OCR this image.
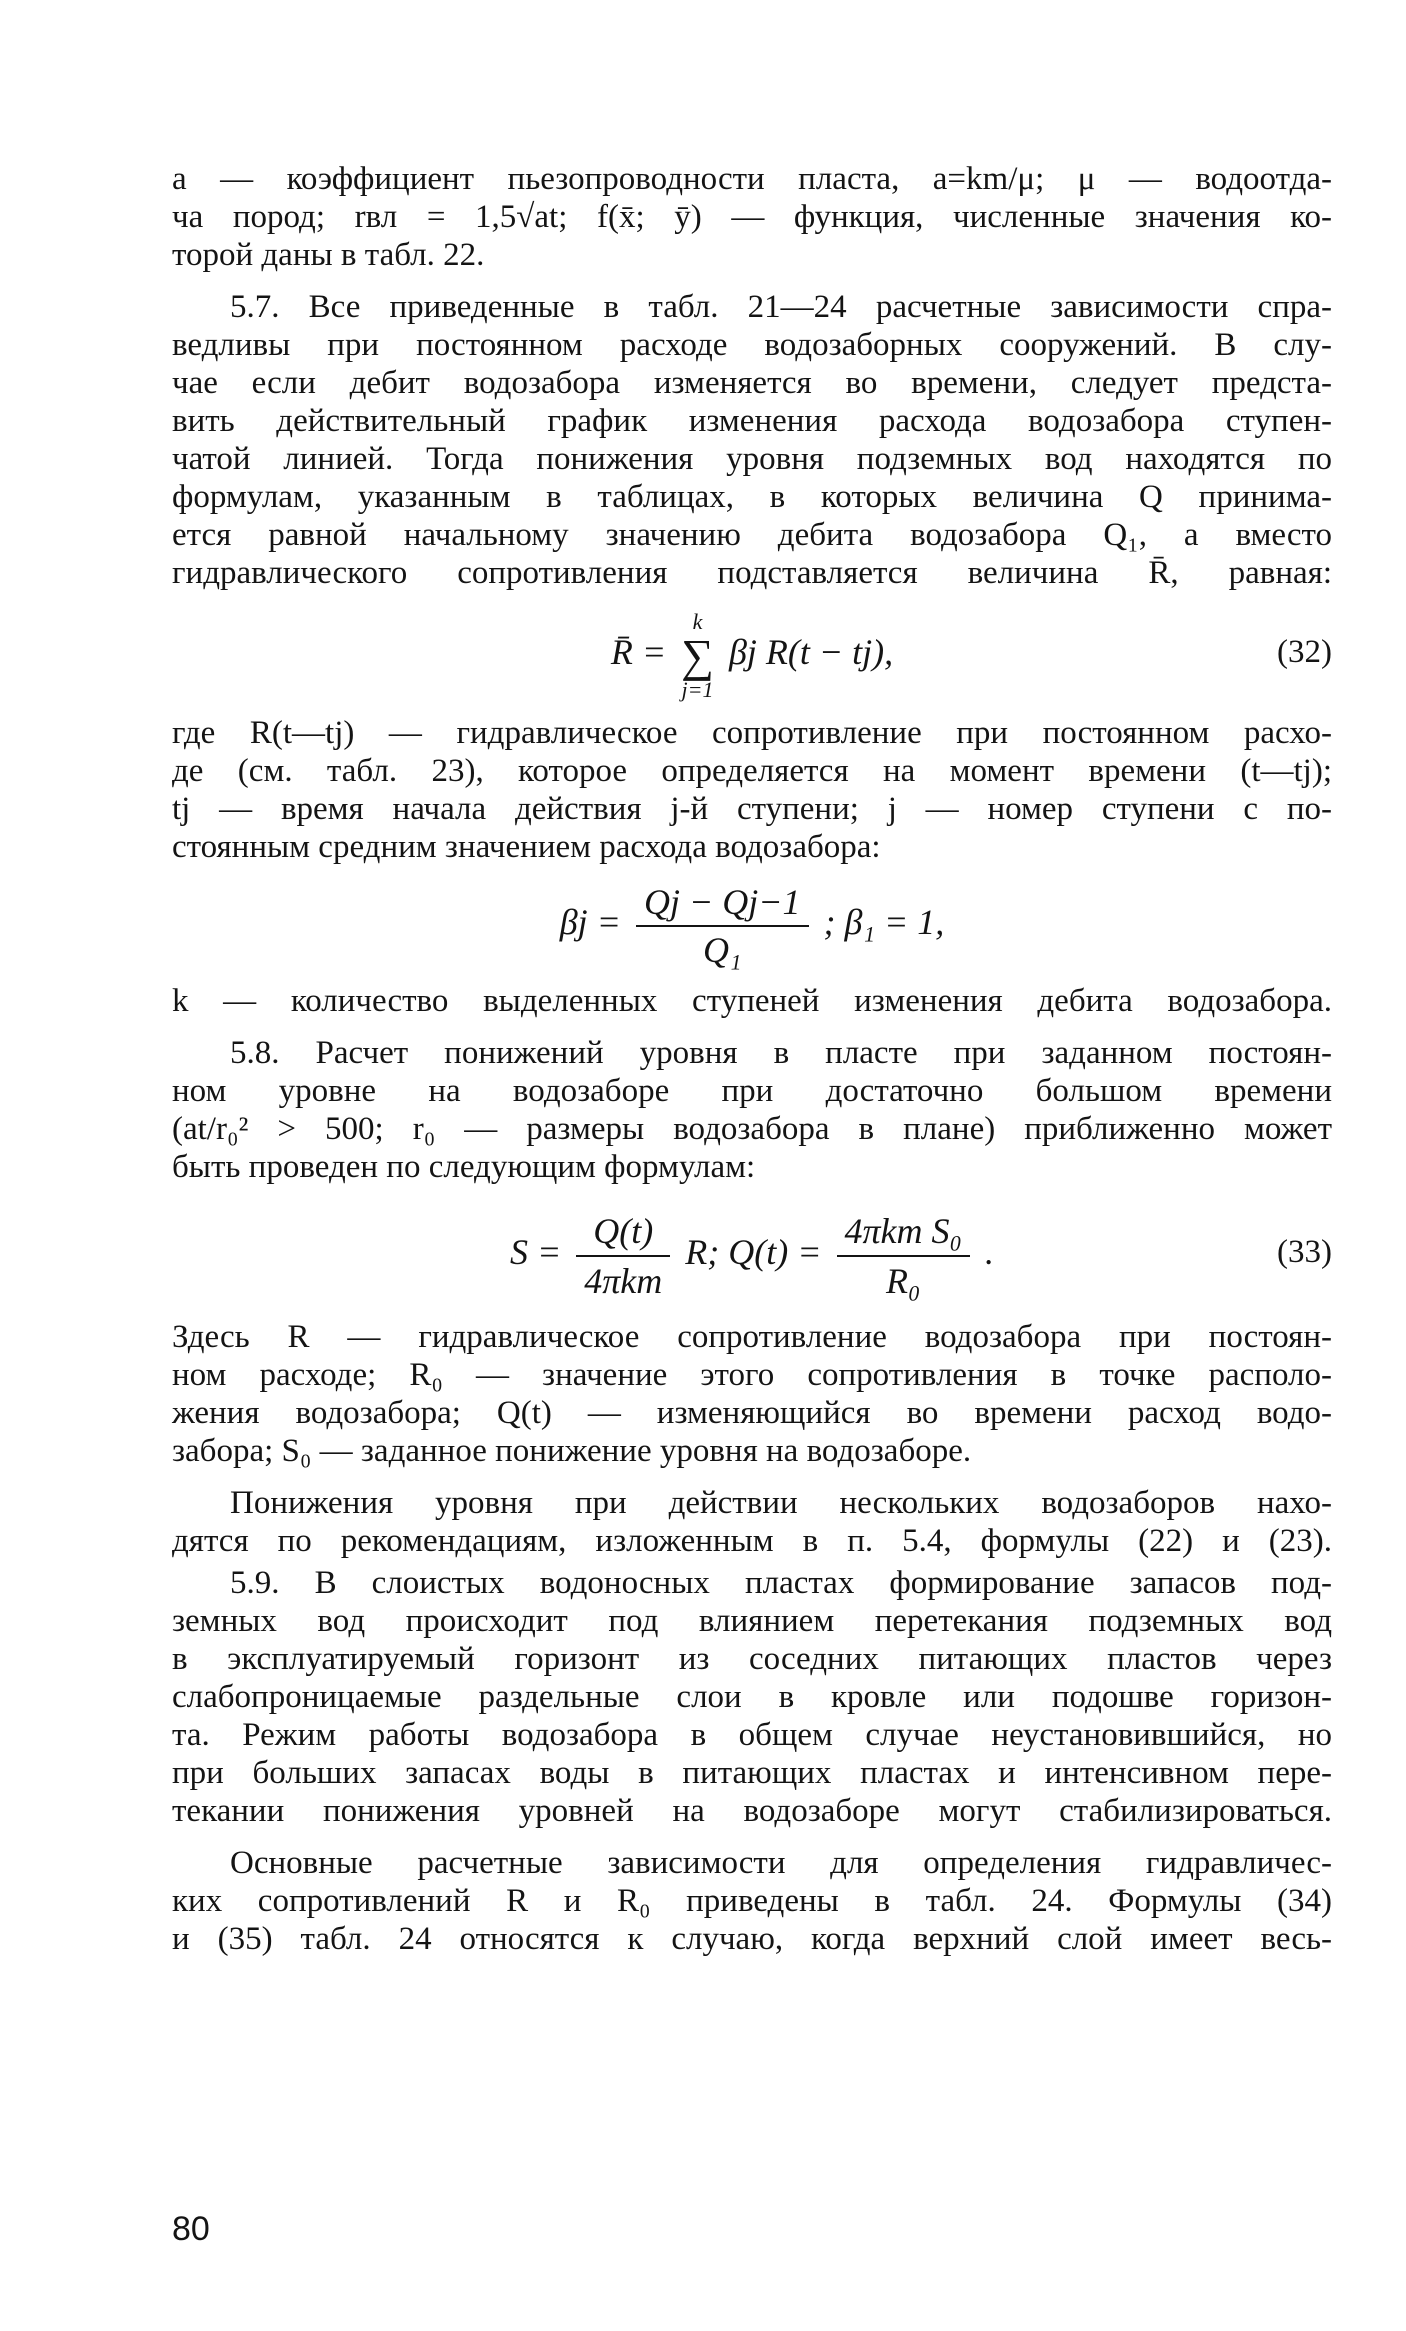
a — коэффициент пьезопроводности пласта, a=km/μ; μ — водоотда-
ча пород; rвл = 1,5√at; f(x̄; ȳ) — функция, численные значения ко-
торой даны в табл. 22.
5.7. Все приведенные в табл. 21—24 расчетные зависимости спра-
ведливы при постоянном расходе водозаборных сооружений. В слу-
чае если дебит водозабора изменяется во времени, следует предста-
вить действительный график изменения расхода водозабора ступен-
чатой линией. Тогда понижения уровня подземных вод находятся по
формулам, указанным в таблицах, в которых величина Q принима-
ется равной начальному значению дебита водозабора Q₁, а вместо
гидравлического сопротивления подставляется величина R̄, равная:
R̄ =
k
∑
j=1
βj R(t − tj),	(32)
где R(t—tj) — гидравлическое сопротивление при постоянном расхо-
де (см. табл. 23), которое определяется на момент времени (t—tj);
tj — время начала действия j-й ступени; j — номер ступени с по-
стоянным средним значением расхода водозабора:
$\beta j = \frac{Qj - Qj-1}{\text{Q₁}}$ ; β₁ = 1,
k — количество выделенных ступеней изменения дебита водозабора.
5.8. Расчет понижений уровня в пласте при заданном постоян-
ном уровне на водозаборе при достаточно большом времени
(at/r₀² > 500; r₀ — размеры водозабора в плане) приближенно может
быть проведен по следующим формулам:
$S = \frac{Q(t)}{\text{4πkm}} R$; $Q(t) = \frac{\text{4πkm S₀}}{\text{R₀}}$ .	(33)
Здесь R — гидравлическое сопротивление водозабора при постоян-
ном расходе; R₀ — значение этого сопротивления в точке располо-
жения водозабора; Q(t) — изменяющийся во времени расход водо-
забора; S₀ — заданное понижение уровня на водозаборе.
Понижения уровня при действии нескольких водозаборов нахо-
дятся по рекомендациям, изложенным в п. 5.4, формулы (22) и (23).
5.9. В слоистых водоносных пластах формирование запасов под-
земных вод происходит под влиянием перетекания подземных вод
в эксплуатируемый горизонт из соседних питающих пластов через
слабопроницаемые раздельные слои в кровле или подошве горизон-
та. Режим работы водозабора в общем случае неустановившийся, но
при больших запасах воды в питающих пластах и интенсивном пере-
текании понижения уровней на водозаборе могут стабилизироваться.
Основные расчетные зависимости для определения гидравличес-
ких сопротивлений R и R₀ приведены в табл. 24. Формулы (34)
и (35) табл. 24 относятся к случаю, когда верхний слой имеет весь-
80
